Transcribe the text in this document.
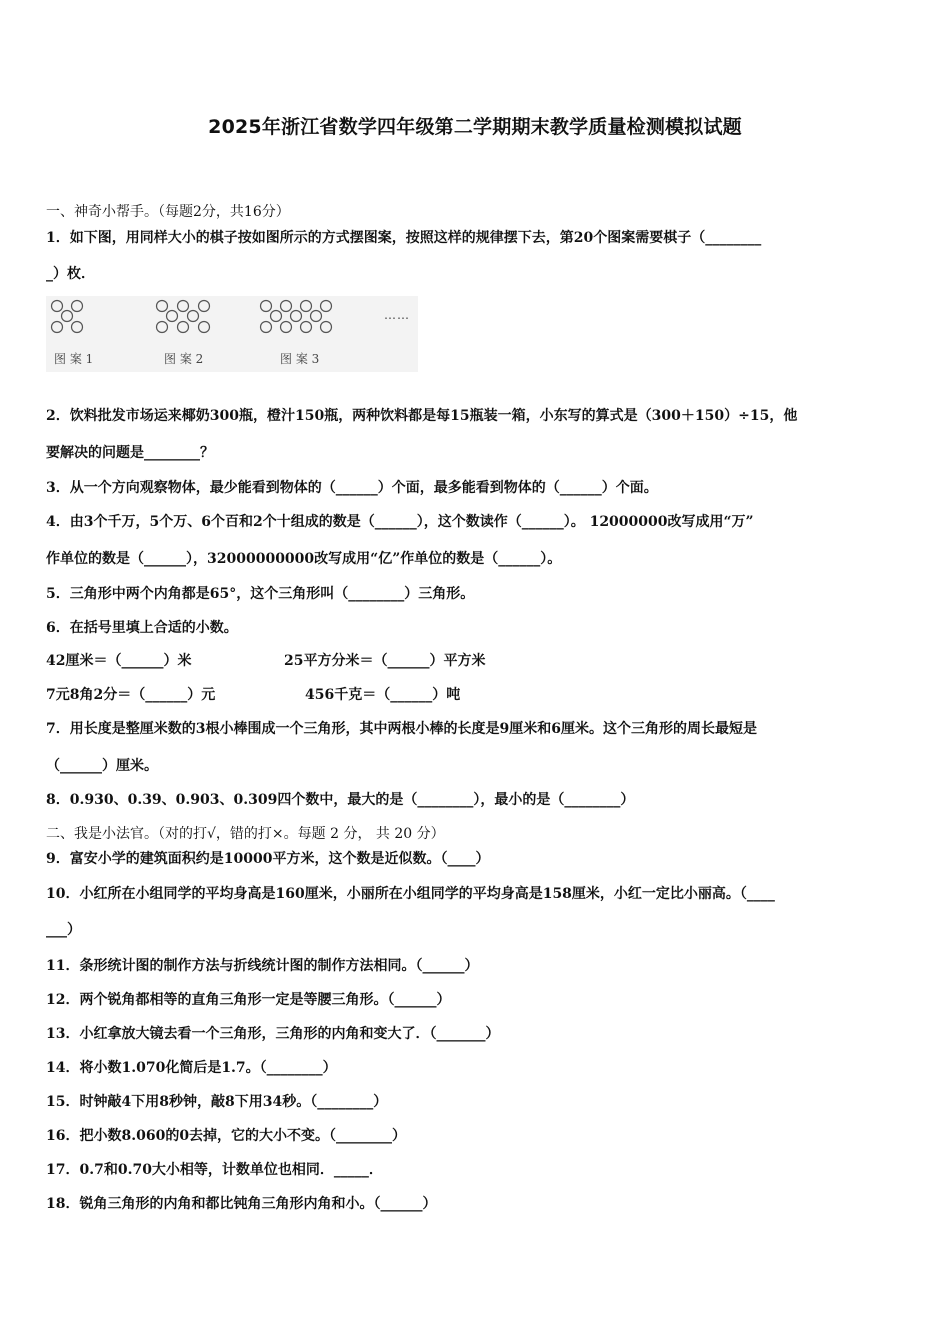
2025年浙江省数学四年级第二学期期末教学质量检测模拟试题
一、神奇小帮手。（每题2分，共16分）
1．如下图，用同样大小的棋子按如图所示的方式摆图案，按照这样的规律摆下去，第20个图案需要棋子（________
_）枚．
图 案 1	图 案 2	图 案 3
……
2．饮料批发市场运来椰奶300瓶，橙汁150瓶，两种饮料都是每15瓶装一箱，小东写的算式是（300＋150）÷15，他
要解决的问题是________？
3．从一个方向观察物体，最少能看到物体的（______）个面，最多能看到物体的（______）个面。
4．由3个千万，5个万、6个百和2个十组成的数是（______），这个数读作（______）。 12000000改写成用“万”
作单位的数是（______），32000000000改写成用“亿”作单位的数是（______）。
5．三角形中两个内角都是65°，这个三角形叫（________）三角形。
6．在括号里填上合适的小数。
42厘米＝（______）米	25平方分米＝（______）平方米
7元8角2分＝（______）元	456千克＝（______）吨
7．用长度是整厘米数的3根小棒围成一个三角形，其中两根小棒的长度是9厘米和6厘米。这个三角形的周长最短是
（______）厘米。
8．0.930、0.39、0.903、0.309四个数中，最大的是（________），最小的是（________）
二、我是小法官。（对的打√，错的打×。每题 2 分， 共 20 分）
9．富安小学的建筑面积约是10000平方米，这个数是近似数。（____）
10．小红所在小组同学的平均身高是160厘米，小丽所在小组同学的平均身高是158厘米，小红一定比小丽高。（____
___）
11．条形统计图的制作方法与折线统计图的制作方法相同。（______）
12．两个锐角都相等的直角三角形一定是等腰三角形。（______）
13．小红拿放大镜去看一个三角形，三角形的内角和变大了．（_______）
14．将小数1.070化简后是1.7。（________）
15．时钟敲4下用8秒钟，敲8下用34秒。（________）
16．把小数8.060的0去掉，它的大小不变。（________）
17．0.7和0.70大小相等，计数单位也相同．_____．
18．锐角三角形的内角和都比钝角三角形内角和小。（______）
